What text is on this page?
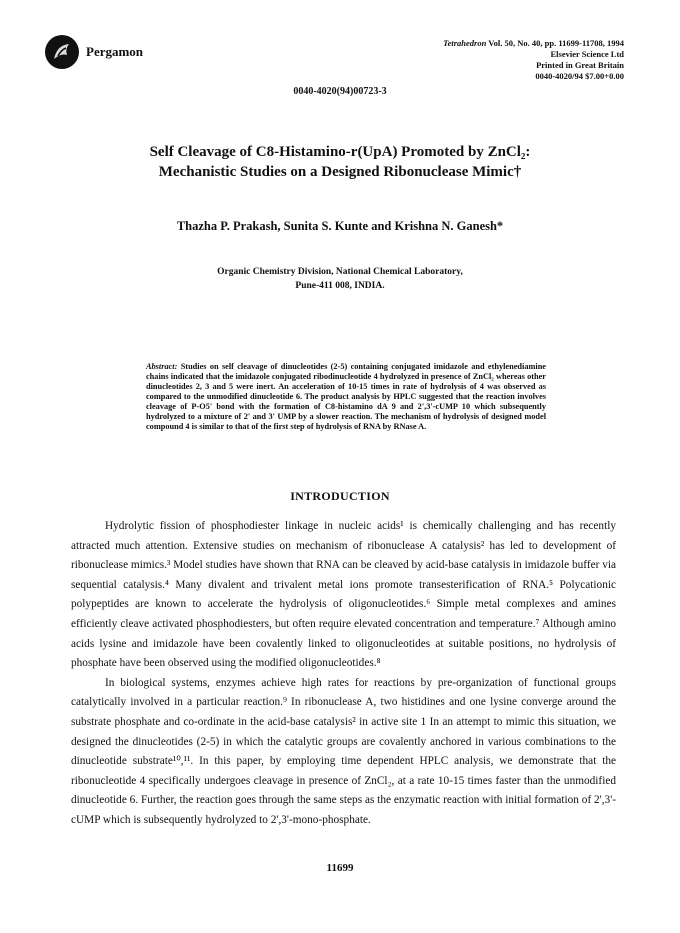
Pergamon
Tetrahedron Vol. 50, No. 40, pp. 11699-11708, 1994
Elsevier Science Ltd
Printed in Great Britain
0040-4020/94 $7.00+0.00
0040-4020(94)00723-3
Self Cleavage of C8-Histamino-r(UpA) Promoted by ZnCl₂:
Mechanistic Studies on a Designed Ribonuclease Mimic†
Thazha P. Prakash, Sunita S. Kunte and Krishna N. Ganesh*
Organic Chemistry Division, National Chemical Laboratory,
Pune-411 008, INDIA.
Abstract: Studies on self cleavage of dinucleotides (2-5) containing conjugated imidazole and ethylenediamine chains indicated that the imidazole conjugated ribodinucleotide 4 hydrolyzed in presence of ZnCl₂ whereas other dinucleotides 2, 3 and 5 were inert. An acceleration of 10-15 times in rate of hydrolysis of 4 was observed as compared to the unmodified dinucleotide 6. The product analysis by HPLC suggested that the reaction involves cleavage of P-O5' bond with the formation of C8-histamino dA 9 and 2',3'-cUMP 10 which subsequently hydrolyzed to a mixture of 2' and 3' UMP by a slower reaction. The mechanism of hydrolysis of designed model compound 4 is similar to that of the first step of hydrolysis of RNA by RNase A.
INTRODUCTION

Hydrolytic fission of phosphodiester linkage in nucleic acids¹ is chemically challenging and has recently attracted much attention. Extensive studies on mechanism of ribonuclease A catalysis² has led to development of ribonuclease mimics.³ Model studies have shown that RNA can be cleaved by acid-base catalysis in imidazole buffer via sequential catalysis.⁴ Many divalent and trivalent metal ions promote transesterification of RNA.⁵ Polycationic polypeptides are known to accelerate the hydrolysis of oligonucleotides.⁶ Simple metal complexes and amines efficiently cleave activated phosphodiesters, but often require elevated concentration and temperature.⁷ Although amino acids lysine and imidazole have been covalently linked to oligonucleotides at suitable positions, no hydrolysis of phosphate have been observed using the modified oligonucleotides.⁸

In biological systems, enzymes achieve high rates for reactions by pre-organization of functional groups catalytically involved in a particular reaction.⁹ In ribonuclease A, two histidines and one lysine converge around the substrate phosphate and co-ordinate in the acid-base catalysis² in active site 1 In an attempt to mimic this situation, we designed the dinucleotides (2-5) in which the catalytic groups are covalently anchored in various combinations to the dinucleotide substrate¹⁰,¹¹. In this paper, by employing time dependent HPLC analysis, we demonstrate that the ribonucleotide 4 specifically undergoes cleavage in presence of ZnCl₂, at a rate 10-15 times faster than the unmodified dinucleotide 6. Further, the reaction goes through the same steps as the enzymatic reaction with initial formation of 2',3'-cUMP which is subsequently hydrolyzed to 2',3'-mono-phosphate.

11699
